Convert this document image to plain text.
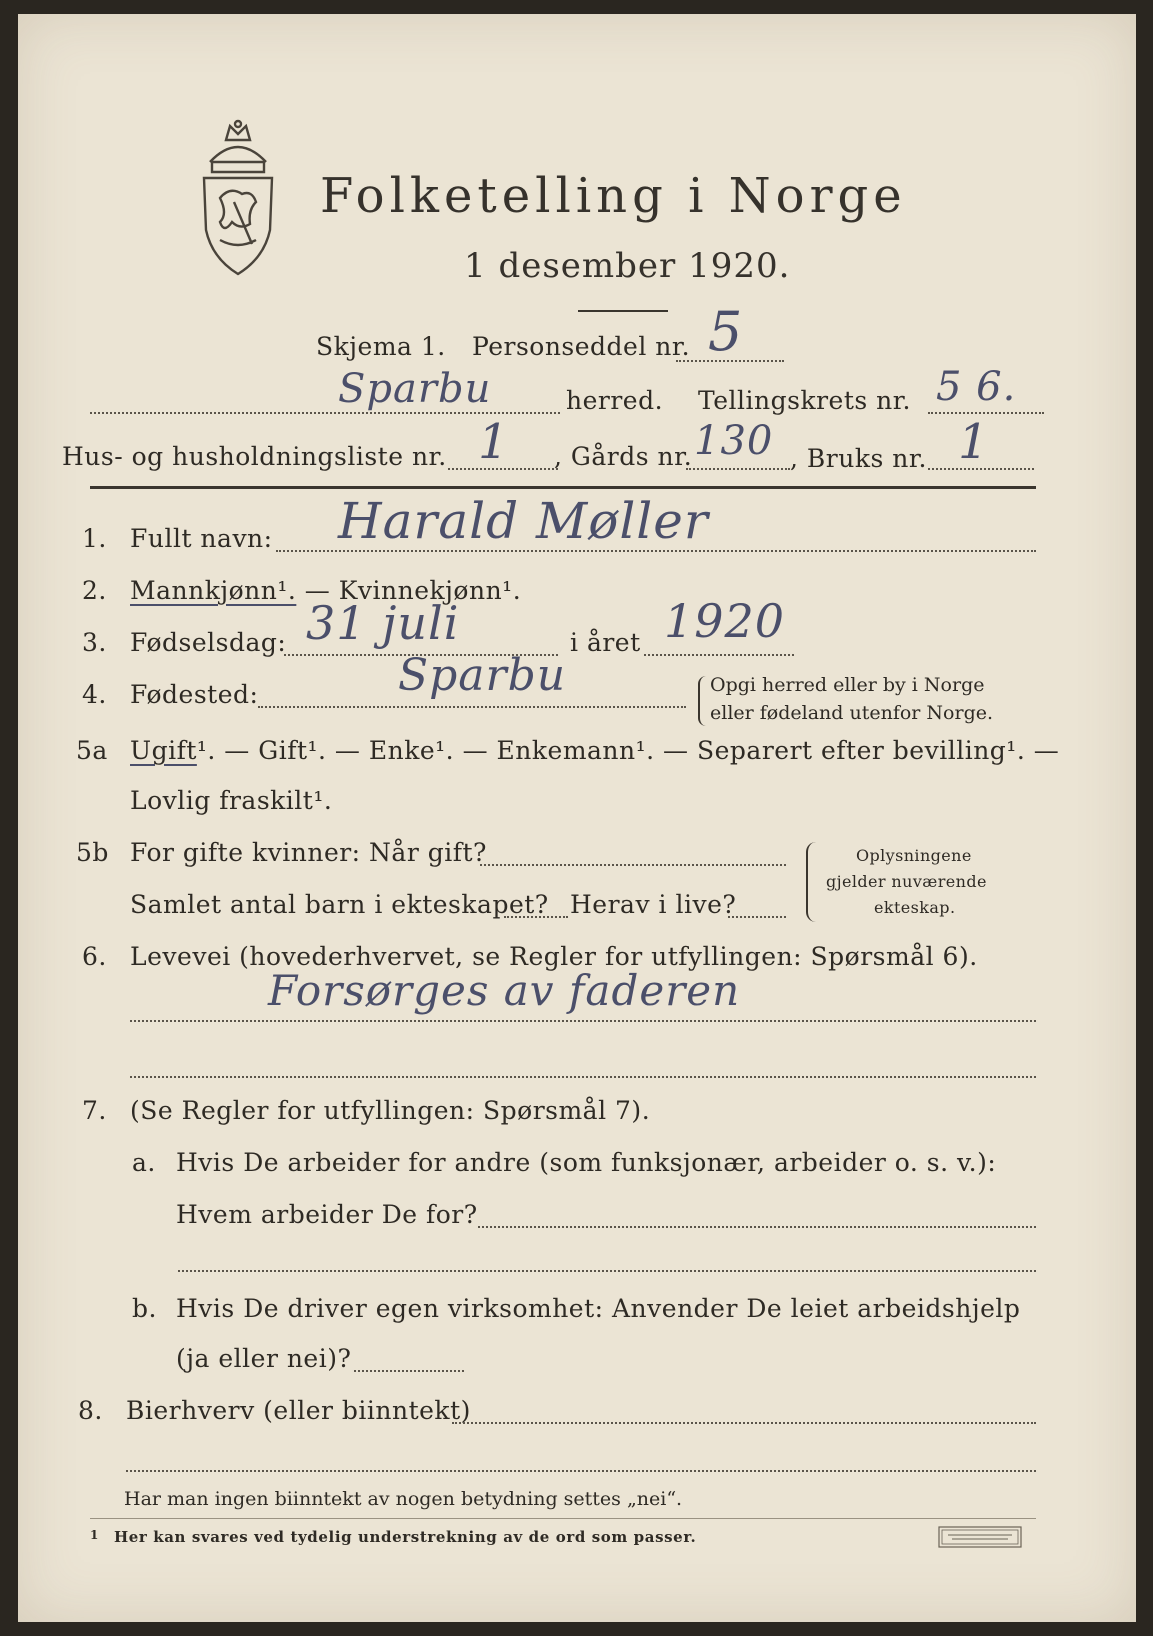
Folketelling i Norge
1 desember 1920.
Skjema 1. Personseddel nr. 5
Sparbu	herred. Tellingskrets nr. 5 6.
Hus- og husholdningsliste nr. 1 , Gårds nr. 130 , Bruks nr. 1
1. Fullt navn: Harald Møller
2. Mannkjønn¹. — Kvinnekjønn¹.
3. Fødselsdag: 31 juli	i året 1920
4. Fødested:	Sparbu	Opgi herred eller by i Norge
eller fødeland utenfor Norge.
5a Ugift¹. — Gift¹. — Enke¹. — Enkemann¹. — Separert efter bevilling¹. —
Lovlig fraskilt¹.
5b For gifte kvinner: Når gift?
Samlet antal barn i ekteskapet? Herav i live?
Oplysningene
gjelder nuværende
ekteskap.
6. Levevei (hovederhvervet, se Regler for utfyllingen: Spørsmål 6).
Forsørges av faderen
7. (Se Regler for utfyllingen: Spørsmål 7).
a. Hvis De arbeider for andre (som funksjonær, arbeider o. s. v.):
Hvem arbeider De for?
b. Hvis De driver egen virksomhet: Anvender De leiet arbeidshjelp
(ja eller nei)?
8. Bierhverv (eller biinntekt)
Har man ingen biinntekt av nogen betydning settes „nei“.
1 Her kan svares ved tydelig understrekning av de ord som passer.
